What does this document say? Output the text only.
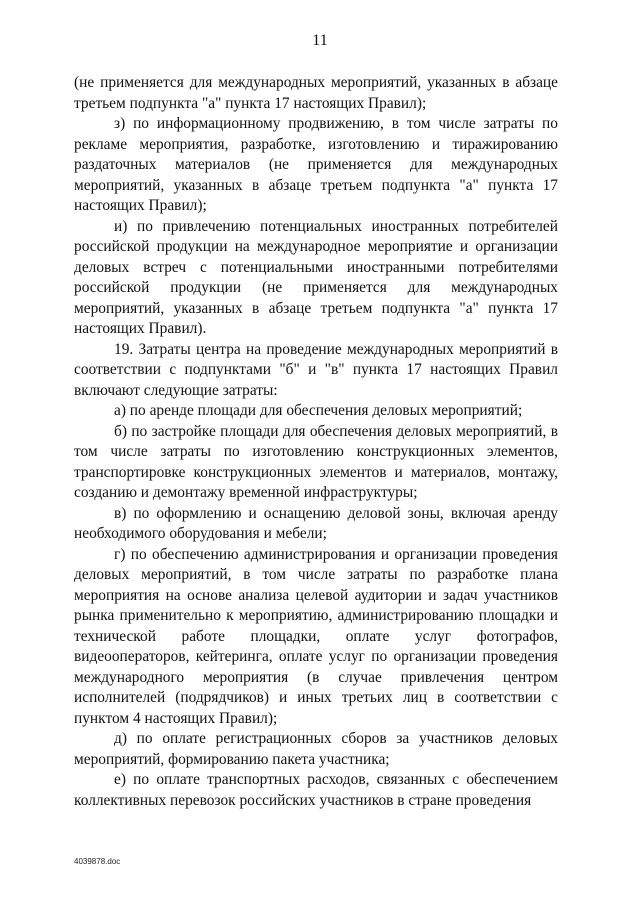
11

(не применяется для международных мероприятий, указанных в абзаце третьем подпункта "а" пункта 17 настоящих Правил);

з) по информационному продвижению, в том числе затраты по рекламе мероприятия, разработке, изготовлению и тиражированию раздаточных материалов (не применяется для международных мероприятий, указанных в абзаце третьем подпункта "а" пункта 17 настоящих Правил);

и) по привлечению потенциальных иностранных потребителей российской продукции на международное мероприятие и организации деловых встреч с потенциальными иностранными потребителями российской продукции (не применяется для международных мероприятий, указанных в абзаце третьем подпункта "а" пункта 17 настоящих Правил).

19. Затраты центра на проведение международных мероприятий в соответствии с подпунктами "б" и "в" пункта 17 настоящих Правил включают следующие затраты:

а) по аренде площади для обеспечения деловых мероприятий;

б) по застройке площади для обеспечения деловых мероприятий, в том числе затраты по изготовлению конструкционных элементов, транспортировке конструкционных элементов и материалов, монтажу, созданию и демонтажу временной инфраструктуры;

в) по оформлению и оснащению деловой зоны, включая аренду необходимого оборудования и мебели;

г) по обеспечению администрирования и организации проведения деловых мероприятий, в том числе затраты по разработке плана мероприятия на основе анализа целевой аудитории и задач участников рынка применительно к мероприятию, администрированию площадки и технической работе площадки, оплате услуг фотографов, видеооператоров, кейтеринга, оплате услуг по организации проведения международного мероприятия (в случае привлечения центром исполнителей (подрядчиков) и иных третьих лиц в соответствии с пунктом 4 настоящих Правил);

д) по оплате регистрационных сборов за участников деловых мероприятий, формированию пакета участника;

е) по оплате транспортных расходов, связанных с обеспечением коллективных перевозок российских участников в стране проведения

4039878.doc
